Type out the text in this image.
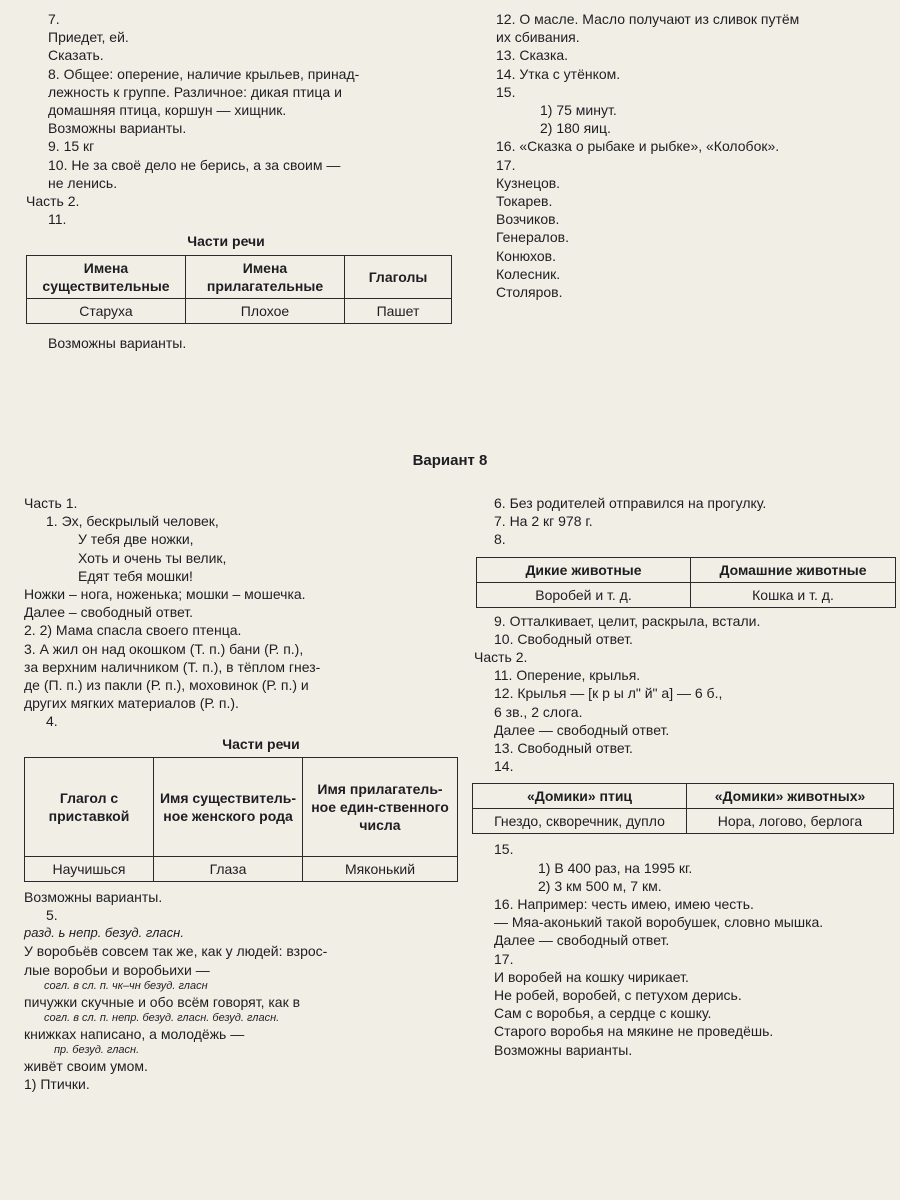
7.
Приедет, ей.
Сказать.
8. Общее: оперение, наличие крыльев, принад-
лежность к группе. Различное: дикая птица и
домашняя птица, коршун — хищник.
Возможны варианты.
9. 15 кг
10. Не за своё дело не берись, а за своим —
не ленись.
Часть 2.
11.
Части речи
Имена существительные	Имена прилагательные	Глаголы
Старуха	Плохое	Пашет
Возможны варианты.
12. О масле. Масло получают из сливок путём
их сбивания.
13. Сказка.
14. Утка с утёнком.
15.
1) 75 минут.
2) 180 яиц.
16. «Сказка о рыбаке и рыбке», «Колобок».
17.
Кузнецов.
Токарев.
Возчиков.
Генералов.
Конюхов.
Колесник.
Столяров.
Вариант 8
Часть 1.
1. Эх, бескрылый человек,
У тебя две ножки,
Хоть и очень ты велик,
Едят тебя мошки!
Ножки – нога, ноженька; мошки – мошечка.
Далее – свободный ответ.
2. 2) Мама спасла своего птенца.
3. А жил он над окошком (Т. п.) бани (Р. п.),
за верхним наличником (Т. п.), в тёплом гнез-
де (П. п.) из пакли (Р. п.), моховинок (Р. п.) и
других мягких материалов (Р. п.).
4.
Части речи
Глагол с приставкой	Имя существитель-ное женского рода	Имя прилагатель-ное един-ственного числа
Научишься	Глаза	Мяконький
Возможны варианты.
5.
разд. ь непр. безуд. гласн.
У воробьёв совсем так же, как у людей: взрос-
лые воробьи и воробьихи —
согл. в сл. п. чк–чн безуд. гласн
пичужки скучные и обо всём говорят, как в
согл. в сл. п. непр. безуд. гласн. безуд. гласн.
книжках написано, а молодёжь —
пр. безуд. гласн.
живёт своим умом.
1) Птички.
6. Без родителей отправился на прогулку.
7. На 2 кг 978 г.
8.
Дикие животные	Домашние животные
Воробей и т. д.	Кошка и т. д.
9. Отталкивает, целит, раскрыла, встали.
10. Свободный ответ.
Часть 2.
11. Оперение, крылья.
12. Крылья — [к р ы л" й" а] — 6 б.,
6 зв., 2 слога.
Далее — свободный ответ.
13. Свободный ответ.
14.
«Домики» птиц	«Домики» животных»
Гнездо, скворечник, дупло	Нора, логово, берлога
15.
1) В 400 раз, на 1995 кг.
2) 3 км 500 м, 7 км.
16. Например: честь имею, имею честь.
— Мяа-аконький такой воробушек, словно мышка.
Далее — свободный ответ.
17.
И воробей на кошку чирикает.
Не робей, воробей, с петухом дерись.
Сам с воробья, а сердце с кошку.
Старого воробья на мякине не проведёшь.
Возможны варианты.
